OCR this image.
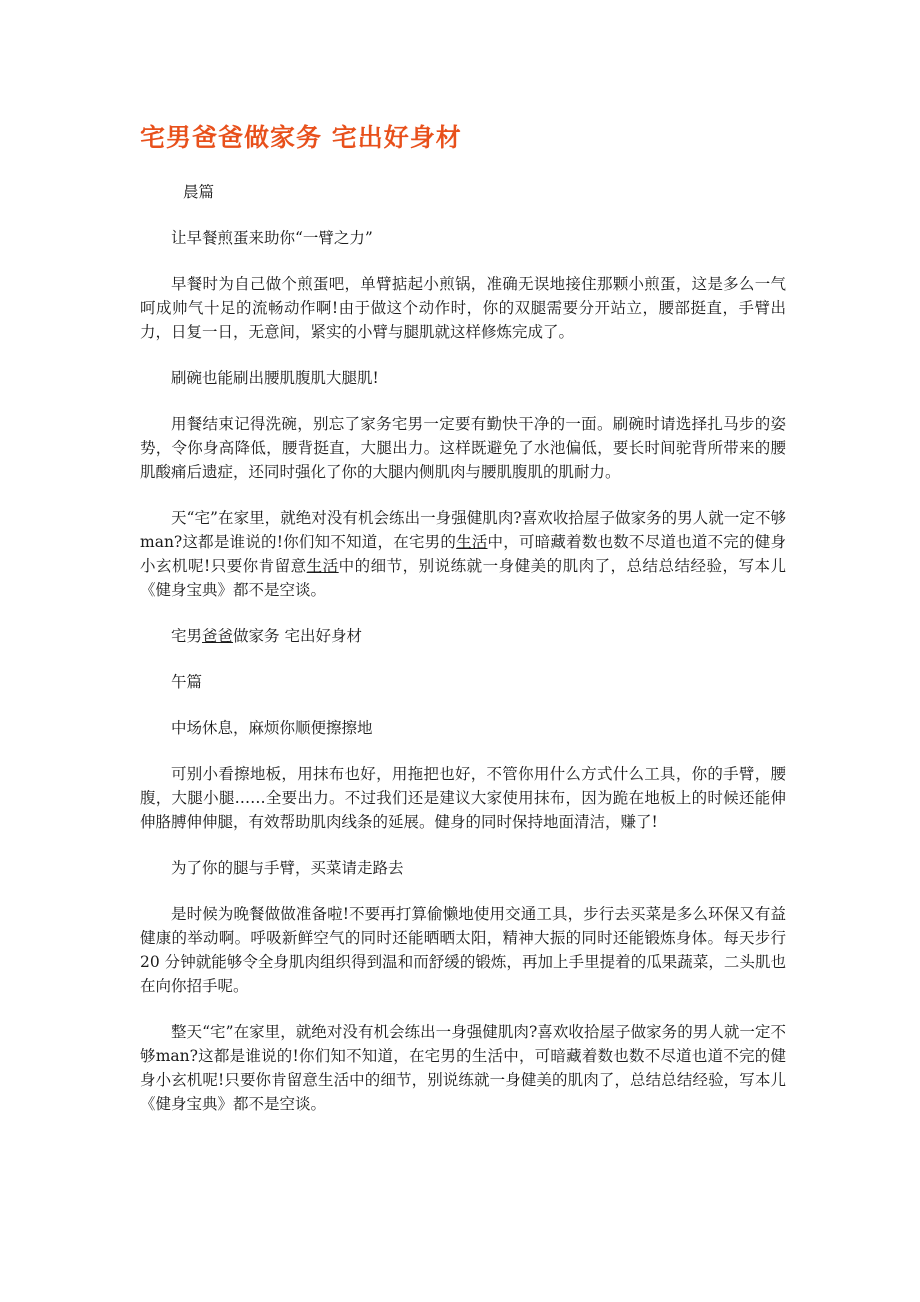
宅男爸爸做家务 宅出好身材

晨篇

让早餐煎蛋来助你“一臂之力”

早餐时为自己做个煎蛋吧，单臂掂起小煎锅，准确无误地接住那颗小煎蛋，这是多么一气呵成帅气十足的流畅动作啊!由于做这个动作时，你的双腿需要分开站立，腰部挺直，手臂出力，日复一日，无意间，紧实的小臂与腿肌就这样修炼完成了。

刷碗也能刷出腰肌腹肌大腿肌!

用餐结束记得洗碗，别忘了家务宅男一定要有勤快干净的一面。刷碗时请选择扎马步的姿势，令你身高降低，腰背挺直，大腿出力。这样既避免了水池偏低，要长时间驼背所带来的腰肌酸痛后遗症，还同时强化了你的大腿内侧肌肉与腰肌腹肌的肌耐力。

天“宅”在家里，就绝对没有机会练出一身强健肌肉?喜欢收拾屋子做家务的男人就一定不够man?这都是谁说的!你们知不知道，在宅男的生活中，可暗藏着数也数不尽道也道不完的健身小玄机呢!只要你肯留意生活中的细节，别说练就一身健美的肌肉了，总结总结经验，写本儿《健身宝典》都不是空谈。

宅男爸爸做家务 宅出好身材

午篇

中场休息，麻烦你顺便擦擦地

可别小看擦地板，用抹布也好，用拖把也好，不管你用什么方式什么工具，你的手臂，腰腹，大腿小腿……全要出力。不过我们还是建议大家使用抹布，因为跪在地板上的时候还能伸伸胳膊伸伸腿，有效帮助肌肉线条的延展。健身的同时保持地面清洁，赚了!

为了你的腿与手臂，买菜请走路去

是时候为晚餐做做准备啦!不要再打算偷懒地使用交通工具，步行去买菜是多么环保又有益健康的举动啊。呼吸新鲜空气的同时还能晒晒太阳，精神大振的同时还能锻炼身体。每天步行 20 分钟就能够令全身肌肉组织得到温和而舒缓的锻炼，再加上手里提着的瓜果蔬菜，二头肌也在向你招手呢。

整天“宅”在家里，就绝对没有机会练出一身强健肌肉?喜欢收拾屋子做家务的男人就一定不够man?这都是谁说的!你们知不知道，在宅男的生活中，可暗藏着数也数不尽道也道不完的健身小玄机呢!只要你肯留意生活中的细节，别说练就一身健美的肌肉了，总结总结经验，写本儿《健身宝典》都不是空谈。
